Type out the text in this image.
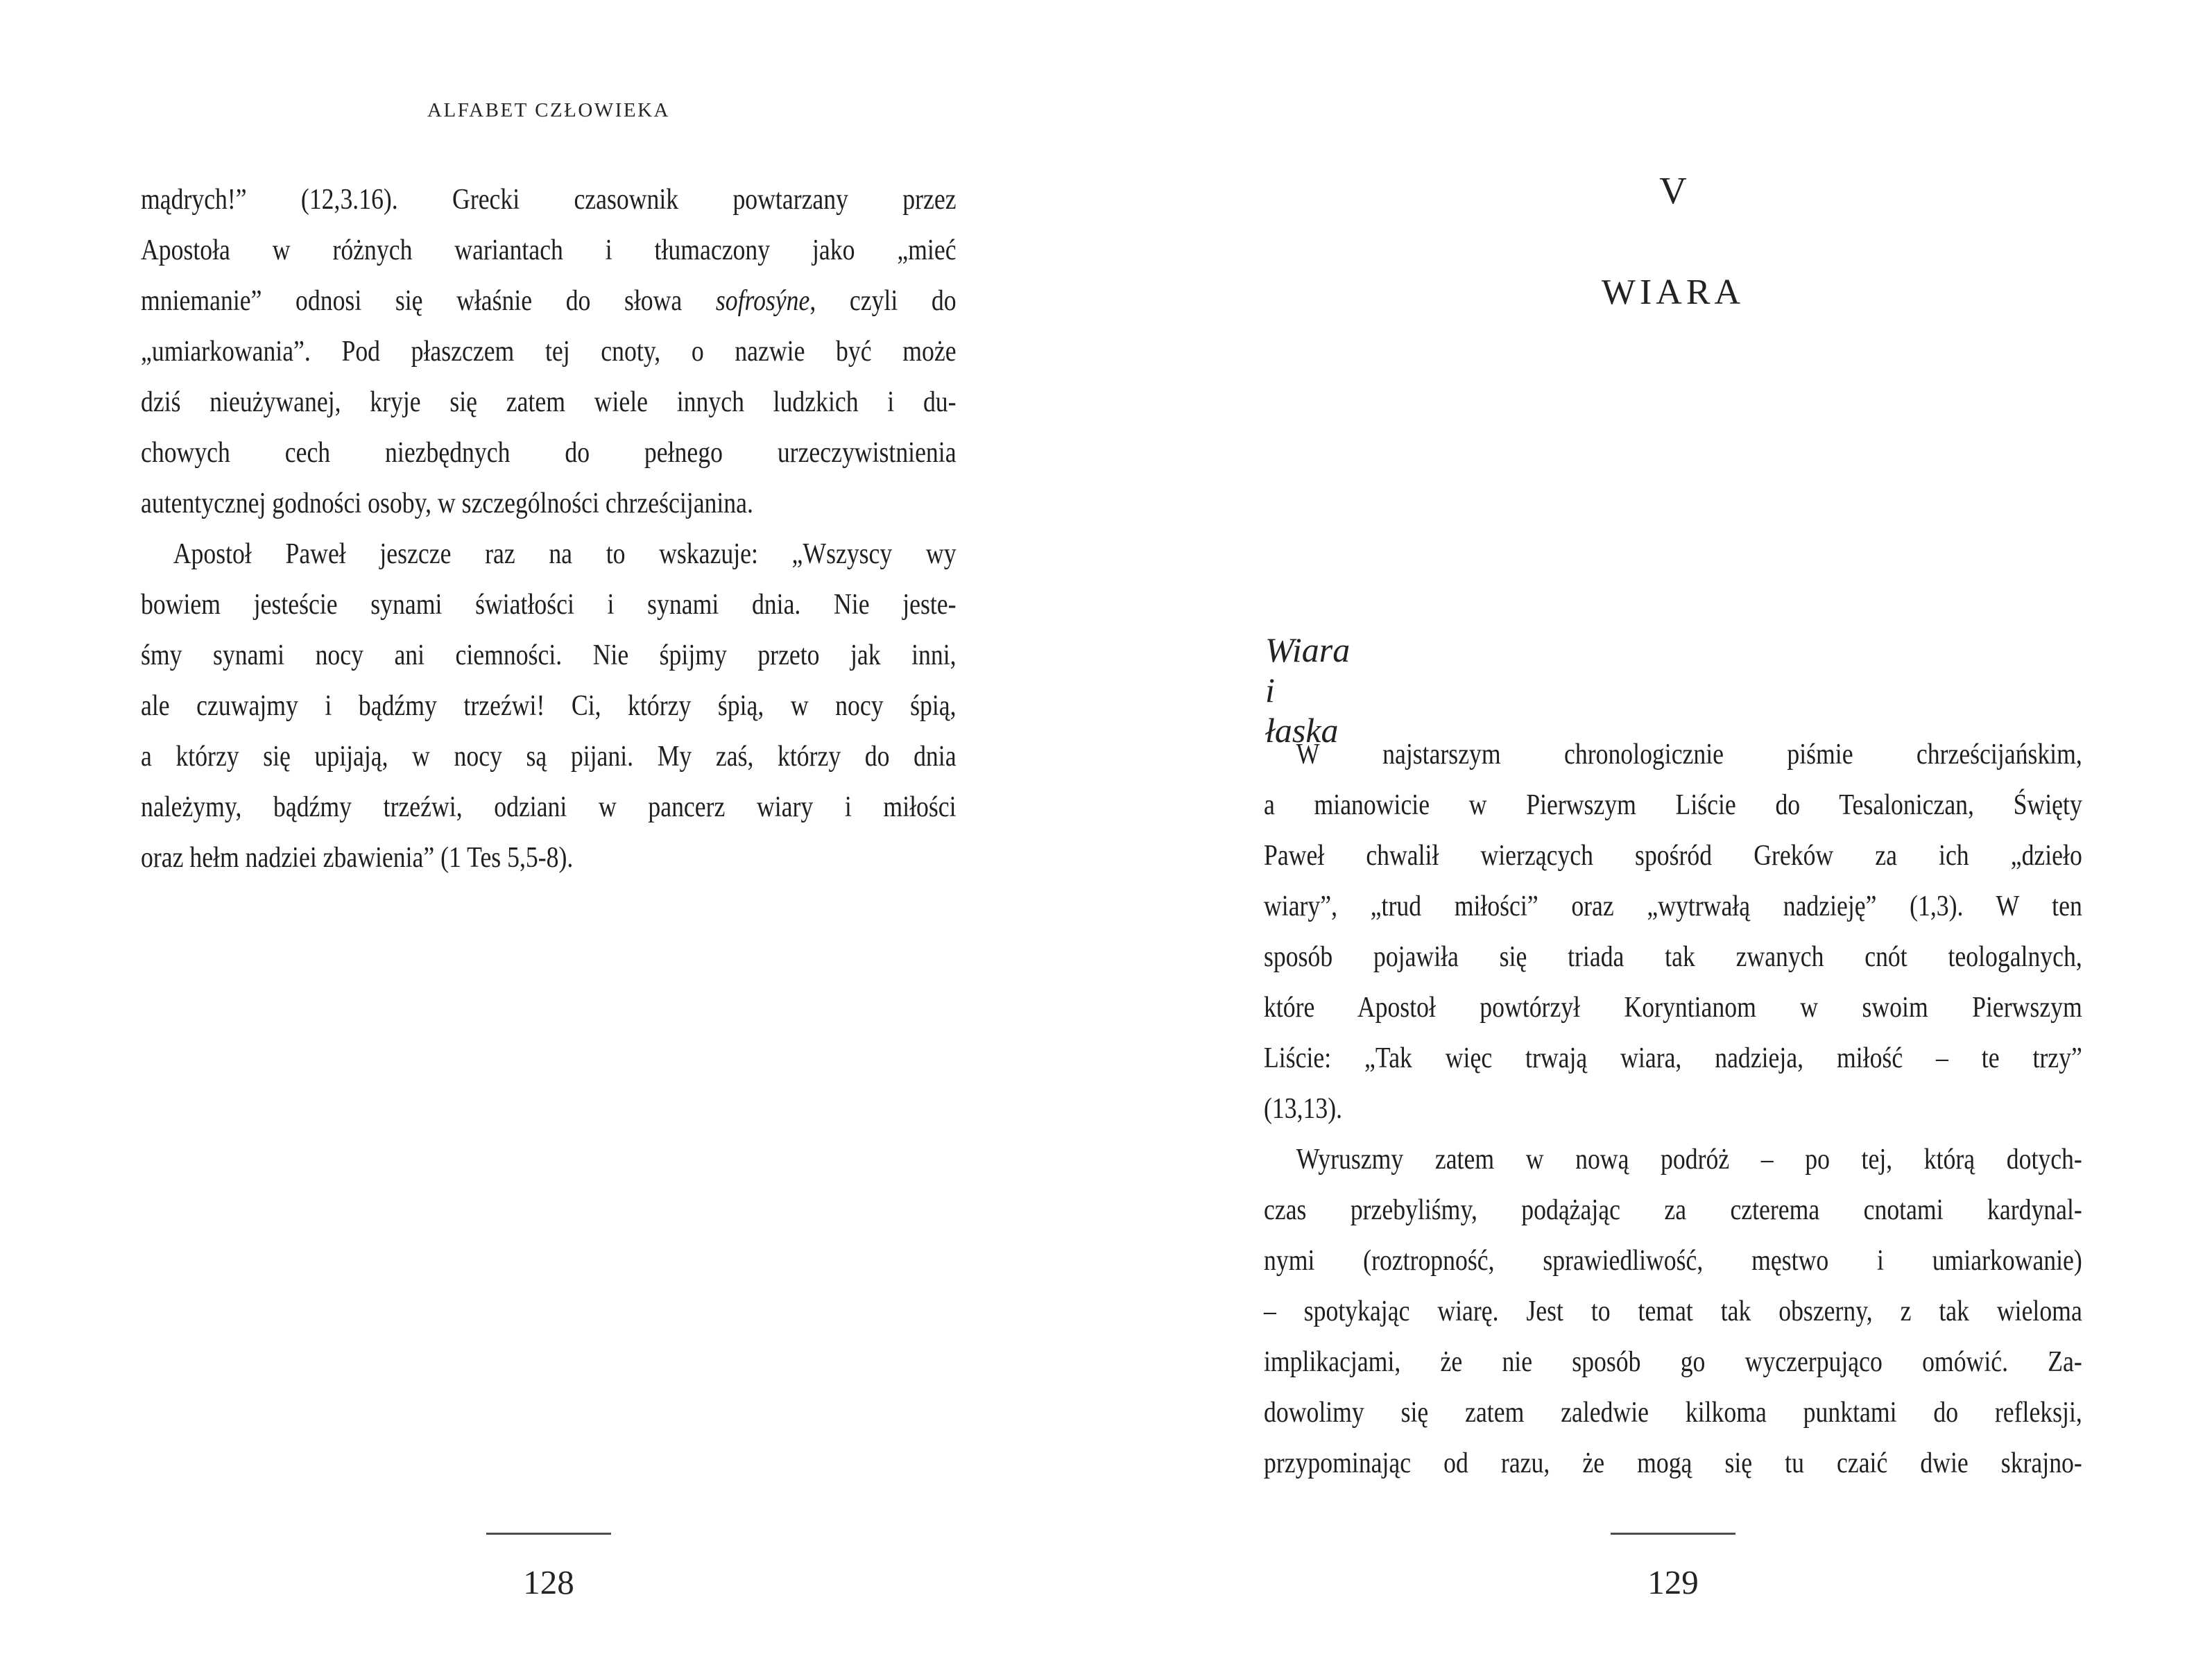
ALFABET CZŁOWIEKA
mądrych!” (12,3.16). Grecki czasownik powtarzany przez
Apostoła w różnych wariantach i tłumaczony jako „mieć
mniemanie” odnosi się właśnie do słowa sofrosýne, czyli do
„umiarkowania”. Pod płaszczem tej cnoty, o nazwie być może
dziś nieużywanej, kryje się zatem wiele innych ludzkich i du-
chowych cech niezbędnych do pełnego urzeczywistnienia
autentycznej godności osoby, w szczególności chrześcijanina.
Apostoł Paweł jeszcze raz na to wskazuje: „Wszyscy wy
bowiem jesteście synami światłości i synami dnia. Nie jeste-
śmy synami nocy ani ciemności. Nie śpijmy przeto jak inni,
ale czuwajmy i bądźmy trzeźwi! Ci, którzy śpią, w nocy śpią,
a którzy się upijają, w nocy są pijani. My zaś, którzy do dnia
należymy, bądźmy trzeźwi, odziani w pancerz wiary i miłości
oraz hełm nadziei zbawienia” (1 Tes 5,5-8).
128
V
WIARA
Wiara i łaska
W najstarszym chronologicznie piśmie chrześcijańskim,
a mianowicie w Pierwszym Liście do Tesaloniczan, Święty
Paweł chwalił wierzących spośród Greków za ich „dzieło
wiary”, „trud miłości” oraz „wytrwałą nadzieję” (1,3). W ten
sposób pojawiła się triada tak zwanych cnót teologalnych,
które Apostoł powtórzył Koryntianom w swoim Pierwszym
Liście: „Tak więc trwają wiara, nadzieja, miłość – te trzy”
(13,13).
Wyruszmy zatem w nową podróż – po tej, którą dotych-
czas przebyliśmy, podążając za czterema cnotami kardynal-
nymi (roztropność, sprawiedliwość, męstwo i umiarkowanie)
– spotykając wiarę. Jest to temat tak obszerny, z tak wieloma
implikacjami, że nie sposób go wyczerpująco omówić. Za-
dowolimy się zatem zaledwie kilkoma punktami do refleksji,
przypominając od razu, że mogą się tu czaić dwie skrajno-
129
